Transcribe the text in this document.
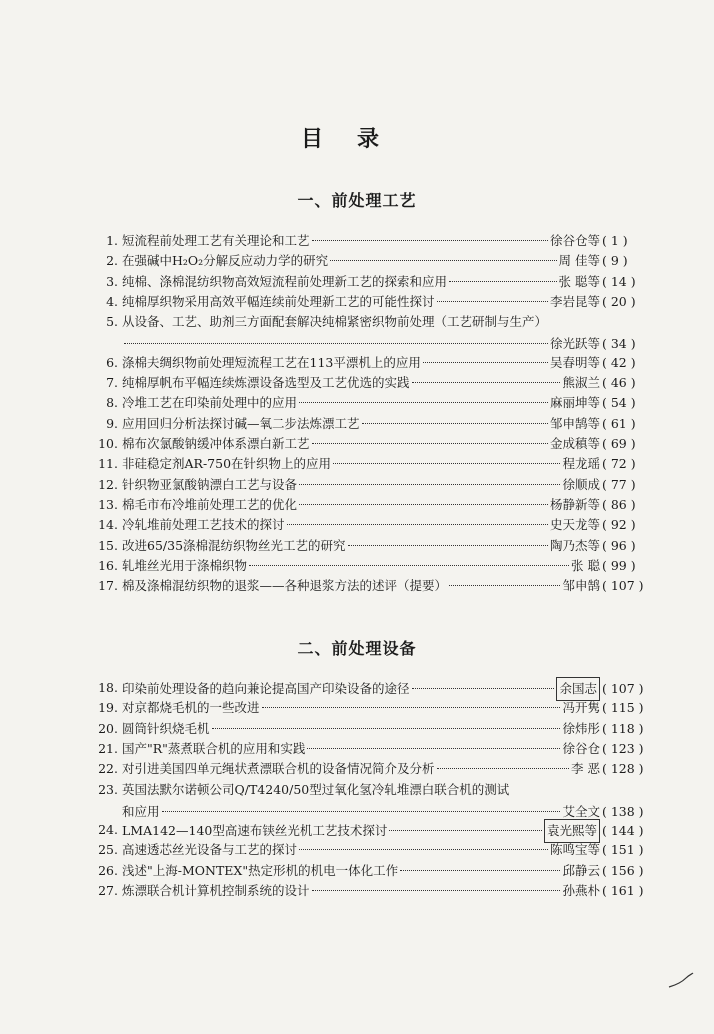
目录
一、前处理工艺
1. 短流程前处理工艺有关理论和工艺	徐谷仓等 ( 1 )
2. 在强碱中H₂O₂分解反应动力学的研究	周 佳等 ( 9 )
3. 纯棉、涤棉混纺织物高效短流程前处理新工艺的探索和应用	张 聪等 ( 14 )
4. 纯棉厚织物采用高效平幅连续前处理新工艺的可能性探讨	李岩昆等 ( 20 )
5. 从设备、工艺、助剂三方面配套解决纯棉紧密织物前处理（工艺研制与生产）
徐光跃等 ( 34 )
6. 涤棉夫绸织物前处理短流程工艺在113平漂机上的应用	吴春明等 ( 42 )
7. 纯棉厚帆布平幅连续炼漂设备选型及工艺优选的实践	熊淑兰 ( 46 )
8. 冷堆工艺在印染前处理中的应用	麻丽坤等 ( 54 )
9. 应用回归分析法探讨碱—氧二步法炼漂工艺	邹申鹄等 ( 61 )
10. 棉布次氯酸钠缓冲体系漂白新工艺	金成稹等 ( 69 )
11. 非硅稳定剂AR-750在针织物上的应用	程龙瑶 ( 72 )
12. 针织物亚氯酸钠漂白工艺与设备	徐顺成 ( 77 )
13. 棉毛市布冷堆前处理工艺的优化	杨静新等 ( 86 )
14. 冷轧堆前处理工艺技术的探讨	史天龙等 ( 92 )
15. 改进65/35涤棉混纺织物丝光工艺的研究	陶乃杰等 ( 96 )
16. 轧堆丝光用于涤棉织物	张 聪 ( 99 )
17. 棉及涤棉混纺织物的退浆——各种退浆方法的述评（提要）	邹申鹄 ( 107 )
二、前处理设备
18. 印染前处理设备的趋向兼论提高国产印染设备的途径	余国志 ( 107 )
19. 对京都烧毛机的一些改进	冯开隽 ( 115 )
20. 圆筒针织烧毛机	徐炜彤 ( 118 )
21. 国产"R"蒸煮联合机的应用和实践	徐谷仓 ( 123 )
22. 对引进美国四单元绳状煮漂联合机的设备情况简介及分析	李 恶 ( 128 )
23. 英国法默尔诺顿公司Q/T4240/50型过氧化氢冷轧堆漂白联合机的测试
和应用	艾全文 ( 138 )
24. LMA142—140型高速布铗丝光机工艺技术探讨	袁光熙等 ( 144 )
25. 高速透芯丝光设备与工艺的探讨	陈鸣宝等 ( 151 )
26. 浅述"上海-MONTEX"热定形机的机电一体化工作	邱静云 ( 156 )
27. 炼漂联合机计算机控制系统的设计	孙燕朴 ( 161 )
